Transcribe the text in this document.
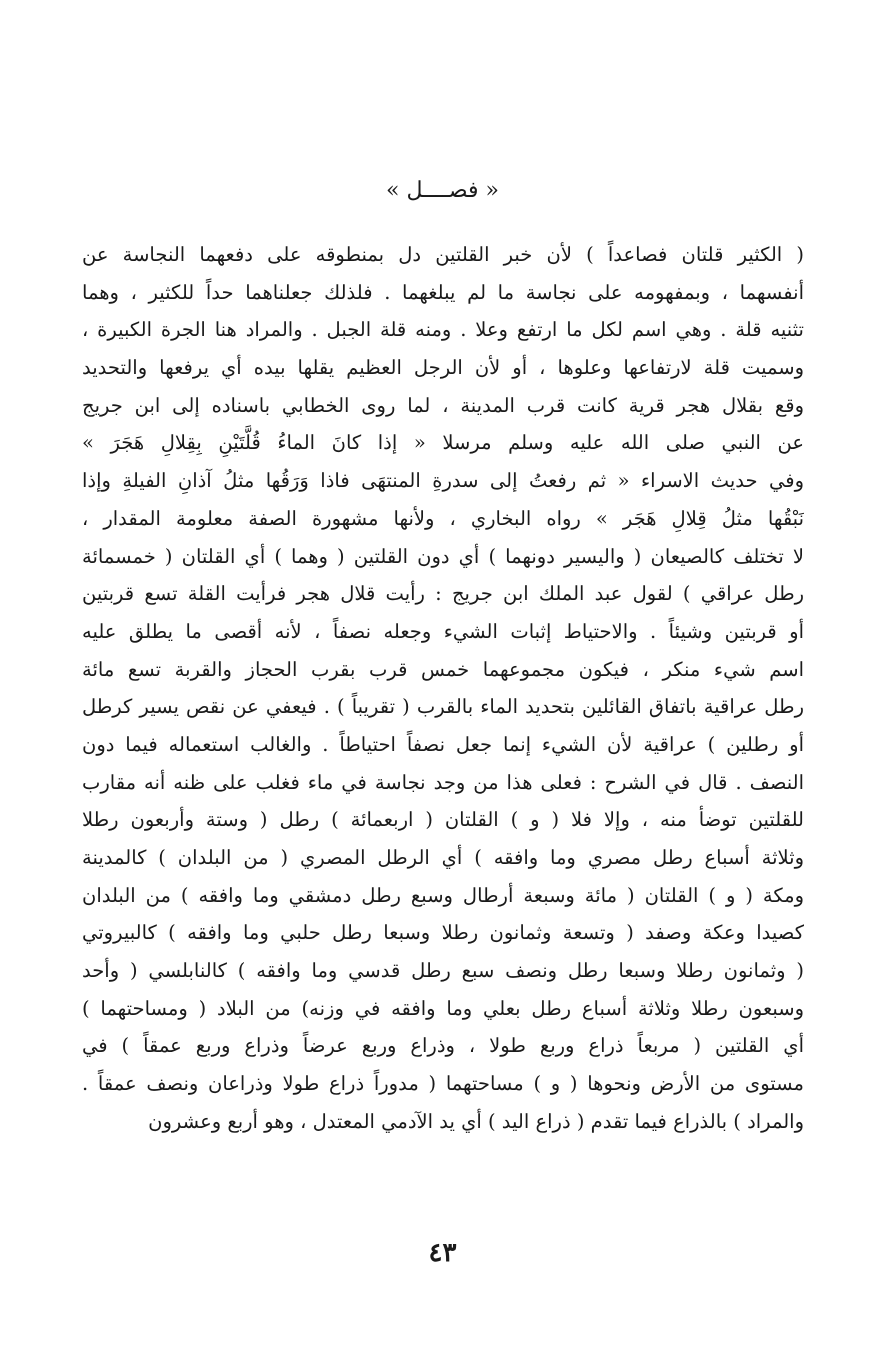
« فصــــل »
( الكثير قلتان فصاعداً ) لأن خبر القلتين دل بمنطوقه على دفعهما النجاسة عن
أنفسهما ، وبمفهومه على نجاسة ما لم يبلغهما . فلذلك جعلناهما حداً للكثير ، وهما
تثنيه قلة . وهي اسم لكل ما ارتفع وعلا . ومنه قلة الجبل . والمراد هنا الجرة الكبيرة ،
وسميت قلة لارتفاعها وعلوها ، أو لأن الرجل العظيم يقلها بيده أي يرفعها والتحديد
وقع بقلال هجر قرية كانت قرب المدينة ، لما روى الخطابي باسناده إلى ابن جريج
عن النبي صلى الله عليه وسلم مرسلا « إذا كانَ الماءُ قُلَّتَيْنِ بِقِلالِ هَجَرَ »
وفي حديث الاسراء « ثم رفعتُ إلى سدرةِ المنتهَى فاذا وَرَقُها مثلُ آذانِ الفيلةِ وإذا
نَبْقُها مثلُ قِلالِ هَجَر » رواه البخاري ، ولأنها مشهورة الصفة معلومة المقدار ،
لا تختلف كالصيعان ( واليسير دونهما ) أي دون القلتين ( وهما ) أي القلتان ( خمسمائة
رطل عراقي ) لقول عبد الملك ابن جريج : رأيت قلال هجر فرأيت القلة تسع قربتين
أو قربتين وشيئاً . والاحتياط إثبات الشيء وجعله نصفاً ، لأنه أقصى ما يطلق عليه
اسم شيء منكر ، فيكون مجموعهما خمس قرب بقرب الحجاز والقربة تسع مائة
رطل عراقية باتفاق القائلين بتحديد الماء بالقرب ( تقريباً ) . فيعفي عن نقص يسير كرطل
أو رطلين ) عراقية لأن الشيء إنما جعل نصفاً احتياطاً . والغالب استعماله فيما دون
النصف . قال في الشرح : فعلى هذا من وجد نجاسة في ماء فغلب على ظنه أنه مقارب
للقلتين توضأ منه ، وإلا فلا ( و ) القلتان ( اربعمائة ) رطل ( وستة وأربعون رطلا
وثلاثة أسباع رطل مصري وما وافقه ) أي الرطل المصري ( من البلدان ) كالمدينة
ومكة ( و ) القلتان ( مائة وسبعة أرطال وسبع رطل دمشقي وما وافقه ) من البلدان
كصيدا وعكة وصفد ( وتسعة وثمانون رطلا وسبعا رطل حلبي وما وافقه ) كالبيروتي
( وثمانون رطلا وسبعا رطل ونصف سبع رطل قدسي وما وافقه ) كالنابلسي ( وأحد
وسبعون رطلا وثلاثة أسباع رطل بعلي وما وافقه في وزنه) من البلاد ( ومساحتهما )
أي القلتين ( مربعاً ذراع وربع طولا ، وذراع وربع عرضاً وذراع وربع عمقاً ) في
مستوى من الأرض ونحوها ( و ) مساحتهما ( مدوراً ذراع طولا وذراعان ونصف عمقاً .
والمراد ) بالذراع فيما تقدم ( ذراع اليد ) أي يد الآدمي المعتدل ، وهو أربع وعشرون
٤٣
